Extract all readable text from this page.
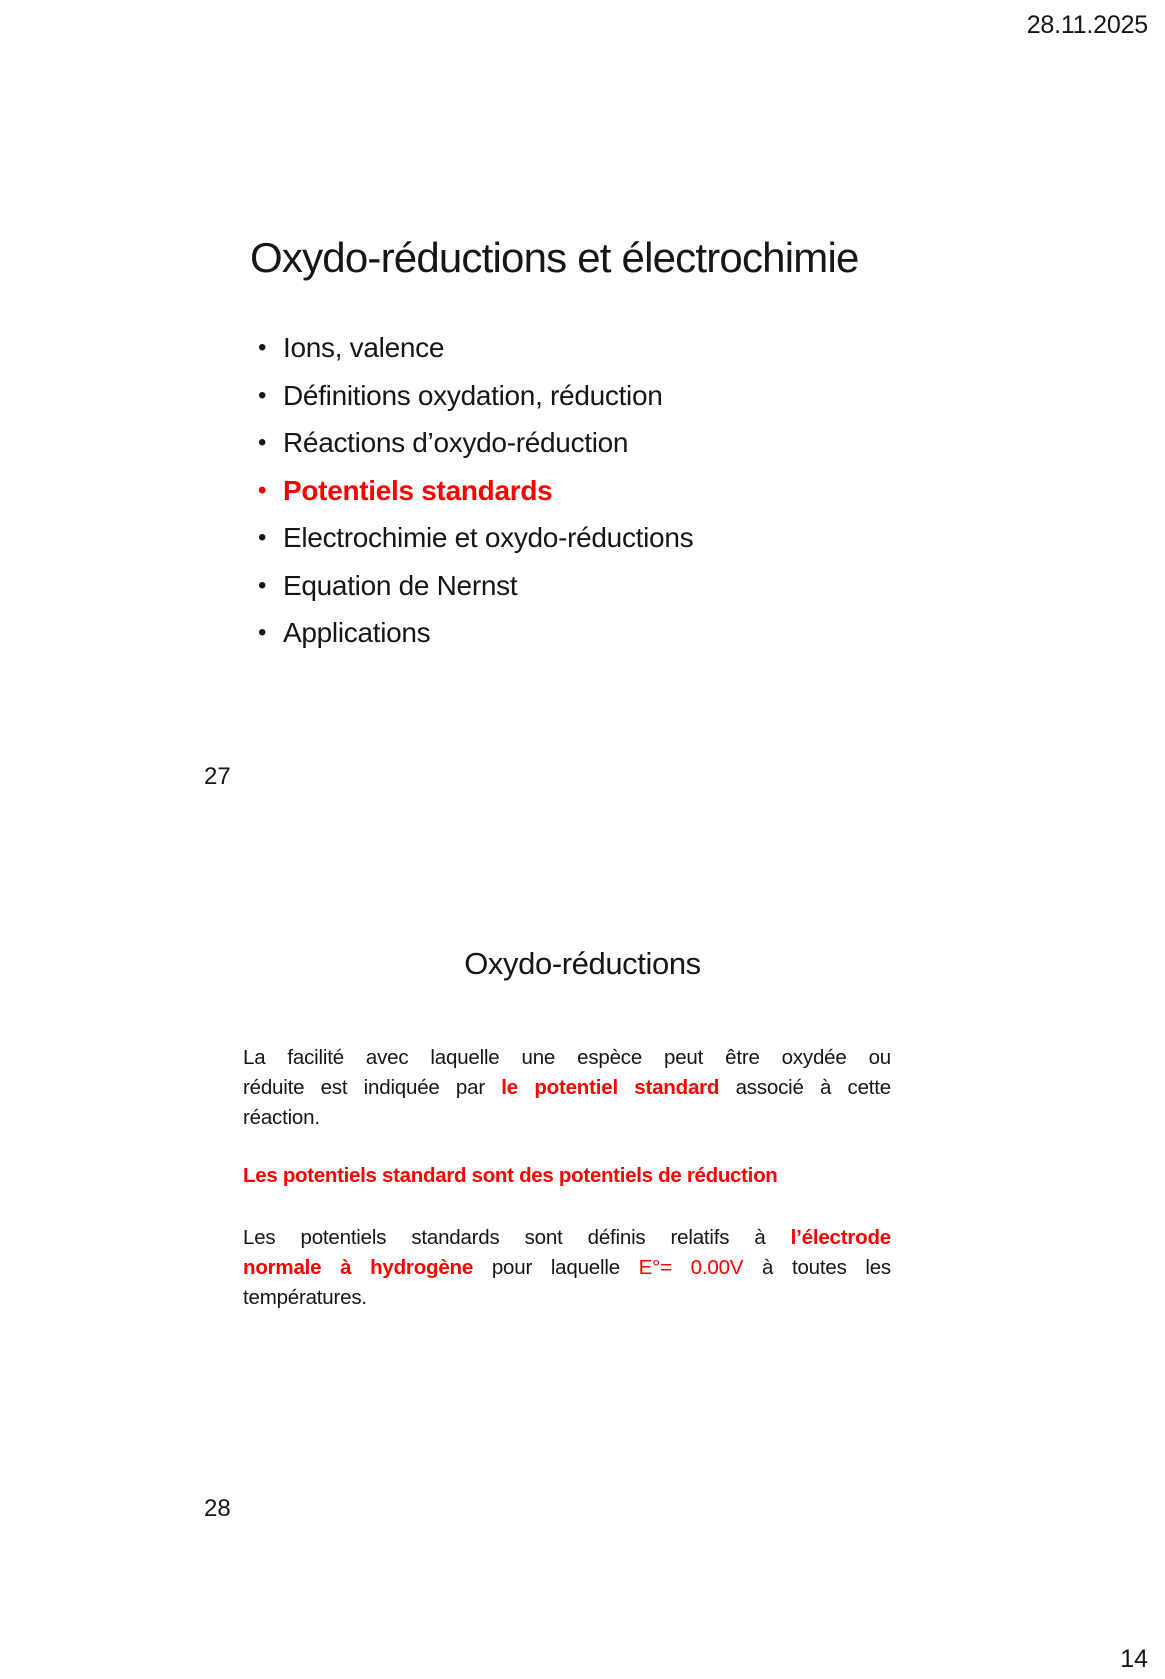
28.11.2025
Oxydo-réductions et électrochimie
• Ions, valence
• Définitions oxydation, réduction
• Réactions d’oxydo-réduction
• Potentiels standards
• Electrochimie et oxydo-réductions
• Equation de Nernst
• Applications
27
Oxydo-réductions
La facilité avec laquelle une espèce peut être oxydée ou
réduite est indiquée par le potentiel standard associé à cette
réaction.
Les potentiels standard sont des potentiels de réduction
Les potentiels standards sont définis relatifs à l’électrode
normale à hydrogène pour laquelle E°= 0.00V à toutes les
températures.
28
14
